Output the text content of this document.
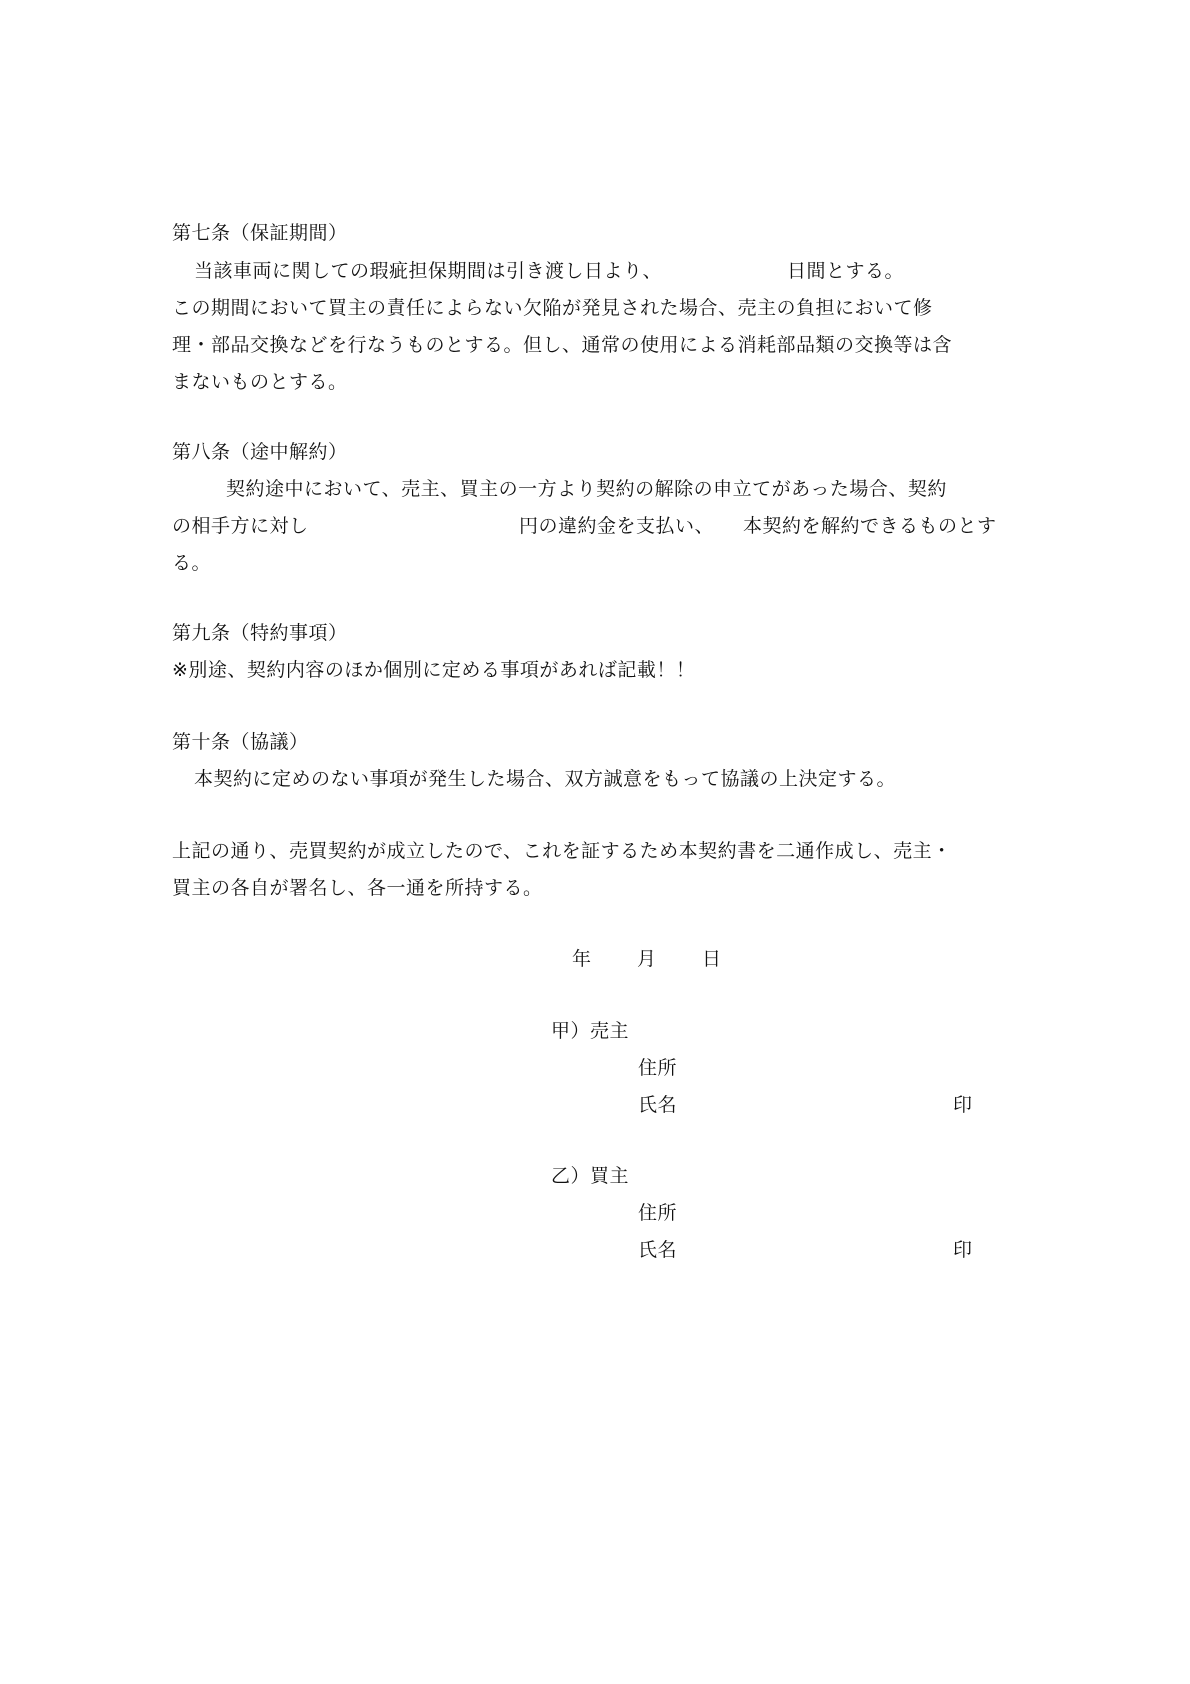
第七条（保証期間）
当該車両に関しての瑕疵担保期間は引き渡し日より、	日間とする。
この期間において買主の責任によらない欠陥が発見された場合、売主の負担において修
理・部品交換などを行なうものとする。但し、通常の使用による消耗部品類の交換等は含
まないものとする。
第八条（途中解約）
契約途中において、売主、買主の一方より契約の解除の申立てがあった場合、契約
の相手方に対し	円の違約金を支払い、 本契約を解約できるものとす
る。
第九条（特約事項）
※別途、契約内容のほか個別に定める事項があれば記載！！
第十条（協議）
本契約に定めのない事項が発生した場合、双方誠意をもって協議の上決定する。
上記の通り、売買契約が成立したので、これを証するため本契約書を二通作成し、売主・
買主の各自が署名し、各一通を所持する。
年 月 日
甲）売主
住所
氏名	印
乙）買主
住所
氏名	印
